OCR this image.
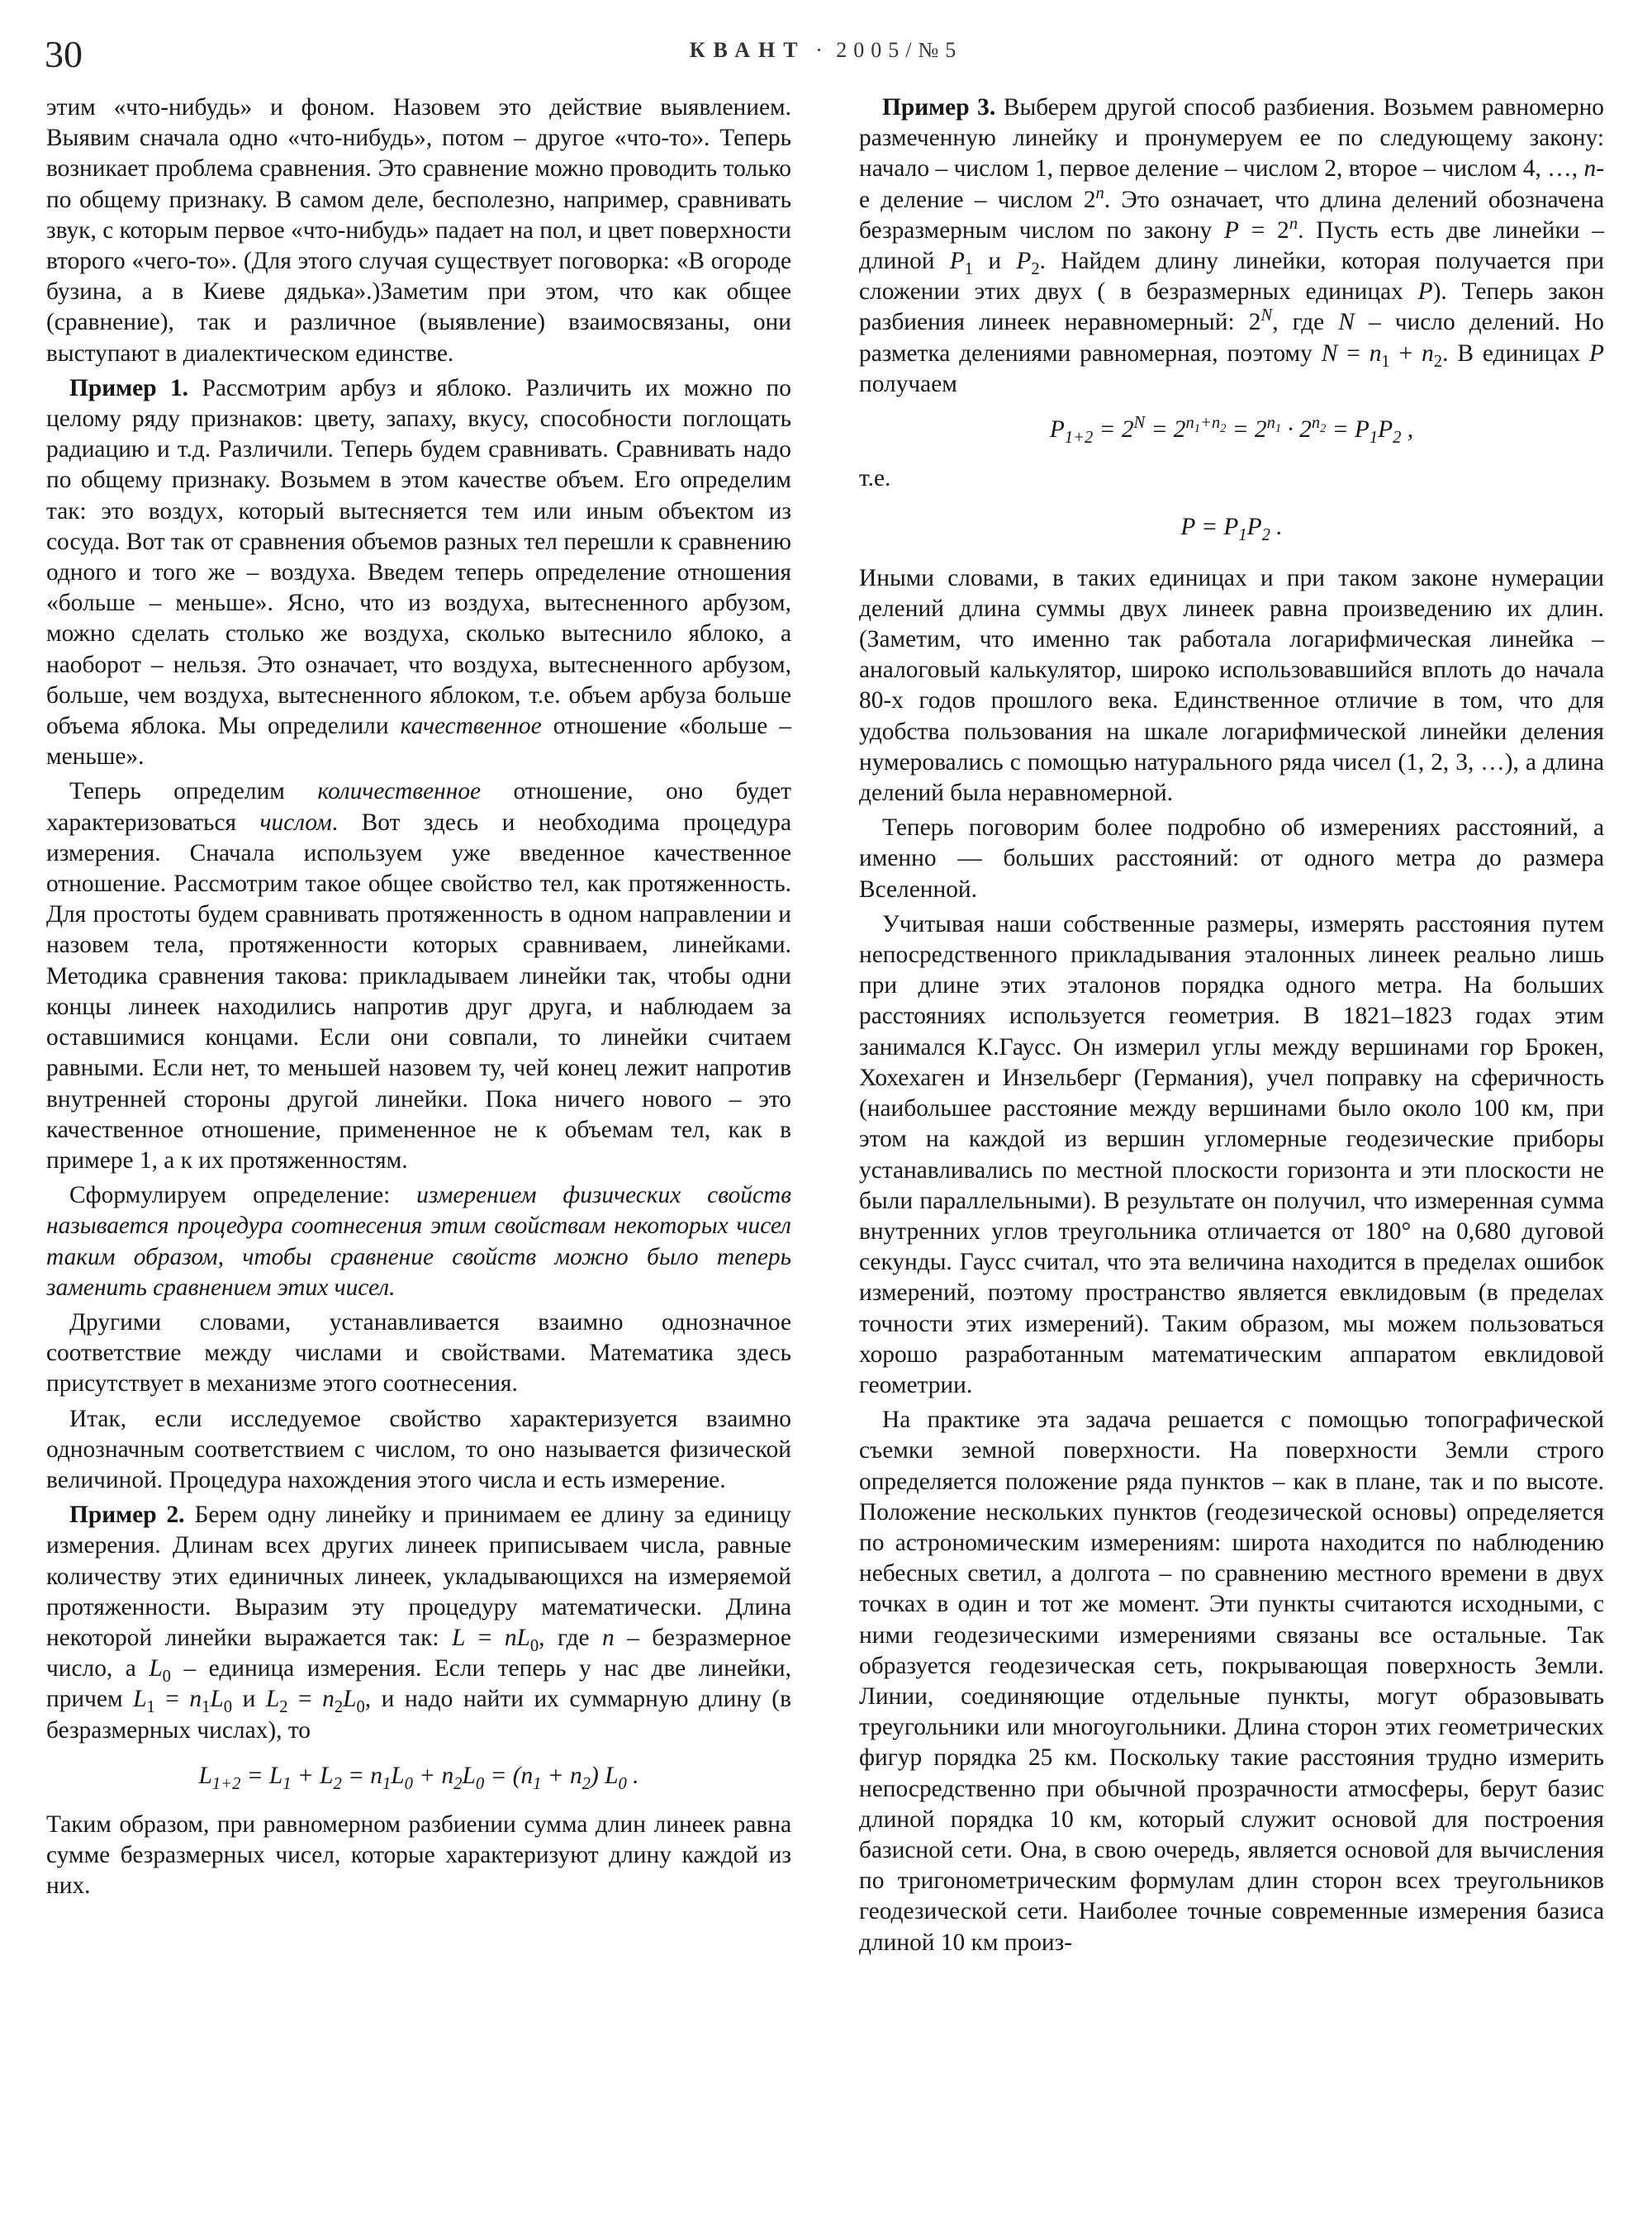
30	КВАНТ · 2005/№5

этим «что-нибудь» и фоном. Назовем это действие выявлением. Выявим сначала одно «что-нибудь», потом – другое «что-то». Теперь возникает проблема сравнения. Это сравнение можно проводить только по общему признаку. В самом деле, бесполезно, например, сравнивать звук, с которым первое «что-нибудь» падает на пол, и цвет поверхности второго «чего-то». (Для этого случая существует поговорка: «В огороде бузина, а в Киеве дядька».)Заметим при этом, что как общее (сравнение), так и различное (выявление) взаимосвязаны, они выступают в диалектическом единстве.

Пример 1. Рассмотрим арбуз и яблоко. Различить их можно по целому ряду признаков: цвету, запаху, вкусу, способности поглощать радиацию и т.д. Различили. Теперь будем сравнивать. Сравнивать надо по общему признаку. Возьмем в этом качестве объем. Его определим так: это воздух, который вытесняется тем или иным объектом из сосуда. Вот так от сравнения объемов разных тел перешли к сравнению одного и того же – воздуха. Введем теперь определение отношения «больше – меньше». Ясно, что из воздуха, вытесненного арбузом, можно сделать столько же воздуха, сколько вытеснило яблоко, а наоборот – нельзя. Это означает, что воздуха, вытесненного арбузом, больше, чем воздуха, вытесненного яблоком, т.е. объем арбуза больше объема яблока. Мы определили качественное отношение «больше – меньше».

Теперь определим количественное отношение, оно будет характеризоваться числом. Вот здесь и необходима процедура измерения. Сначала используем уже введенное качественное отношение. Рассмотрим такое общее свойство тел, как протяженность. Для простоты будем сравнивать протяженность в одном направлении и назовем тела, протяженности которых сравниваем, линейками. Методика сравнения такова: прикладываем линейки так, чтобы одни концы линеек находились напротив друг друга, и наблюдаем за оставшимися концами. Если они совпали, то линейки считаем равными. Если нет, то меньшей назовем ту, чей конец лежит напротив внутренней стороны другой линейки. Пока ничего нового – это качественное отношение, примененное не к объемам тел, как в примере 1, а к их протяженностям.

Сформулируем определение: измерением физических свойств называется процедура соотнесения этим свойствам некоторых чисел таким образом, чтобы сравнение свойств можно было теперь заменить сравнением этих чисел.

Другими словами, устанавливается взаимно однозначное соответствие между числами и свойствами. Математика здесь присутствует в механизме этого соотнесения.

Итак, если исследуемое свойство характеризуется взаимно однозначным соответствием с числом, то оно называется физической величиной. Процедура нахождения этого числа и есть измерение.

Пример 2. Берем одну линейку и принимаем ее длину за единицу измерения. Длинам всех других линеек приписываем числа, равные количеству этих единичных линеек, укладывающихся на измеряемой протяженности. Выразим эту процедуру математически. Длина некоторой линейки выражается так: $L = nL_0$, где n – безразмерное число, а $L_0$ – единица измерения. Если теперь у нас две линейки, причем $L_1 = n_1L_0$ и $L_2 = n_2L_0$, и надо найти их суммарную длину (в безразмерных числах), то

$L_{1+2} = L_1 + L_2 = n_1L_0 + n_2L_0 = (n_1 + n_2)$ $L_0$ .

Таким образом, при равномерном разбиении сумма длин линеек равна сумме безразмерных чисел, которые характеризуют длину каждой из них.

Пример 3. Выберем другой способ разбиения. Возьмем равномерно размеченную линейку и пронумеруем ее по следующему закону: начало – числом 1, первое деление – числом 2, второе – числом 4, …, n-е деление – числом 2$^n$. Это означает, что длина делений обозначена безразмерным числом по закону $P = 2^n$. Пусть есть две линейки – длиной $P_1$ и $P_2$. Найдем длину линейки, которая получается при сложении этих двух ( в безразмерных единицах P). Теперь закон разбиения линеек неравномерный: $2^N$, где N – число делений. Но разметка делениями равномерная, поэтому $N = n_1 + n_2$. В единицах P получаем

$P_{1+2} = 2^N = 2^{n_1+n_2} = 2^{n_1} \cdot 2^{n_2} = P_1P_2$ ,

т.е.

$P = P_1P_2$ .

Иными словами, в таких единицах и при таком законе нумерации делений длина суммы двух линеек равна произведению их длин. (Заметим, что именно так работала логарифмическая линейка – аналоговый калькулятор, широко использовавшийся вплоть до начала 80-х годов прошлого века. Единственное отличие в том, что для удобства пользования на шкале логарифмической линейки деления нумеровались с помощью натурального ряда чисел (1, 2, 3, …), а длина делений была неравномерной.

Теперь поговорим более подробно об измерениях расстояний, а именно — больших расстояний: от одного метра до размера Вселенной.

Учитывая наши собственные размеры, измерять расстояния путем непосредственного прикладывания эталонных линеек реально лишь при длине этих эталонов порядка одного метра. На больших расстояниях используется геометрия. В 1821–1823 годах этим занимался К.Гаусс. Он измерил углы между вершинами гор Брокен, Хохехаген и Инзельберг (Германия), учел поправку на сферичность (наибольшее расстояние между вершинами было около 100 км, при этом на каждой из вершин угломерные геодезические приборы устанавливались по местной плоскости горизонта и эти плоскости не были параллельными). В результате он получил, что измеренная сумма внутренних углов треугольника отличается от 180° на 0,680 дуговой секунды. Гаусс считал, что эта величина находится в пределах ошибок измерений, поэтому пространство является евклидовым (в пределах точности этих измерений). Таким образом, мы можем пользоваться хорошо разработанным математическим аппаратом евклидовой геометрии.

На практике эта задача решается с помощью топографической съемки земной поверхности. На поверхности Земли строго определяется положение ряда пунктов – как в плане, так и по высоте. Положение нескольких пунктов (геодезической основы) определяется по астрономическим измерениям: широта находится по наблюдению небесных светил, а долгота – по сравнению местного времени в двух точках в один и тот же момент. Эти пункты считаются исходными, с ними геодезическими измерениями связаны все остальные. Так образуется геодезическая сеть, покрывающая поверхность Земли. Линии, соединяющие отдельные пункты, могут образовывать треугольники или многоугольники. Длина сторон этих геометрических фигур порядка 25 км. Поскольку такие расстояния трудно измерить непосредственно при обычной прозрачности атмосферы, берут базис длиной порядка 10 км, который служит основой для построения базисной сети. Она, в свою очередь, является основой для вычисления по тригонометрическим формулам длин сторон всех треугольников геодезической сети. Наиболее точные современные измерения базиса длиной 10 км произ-
